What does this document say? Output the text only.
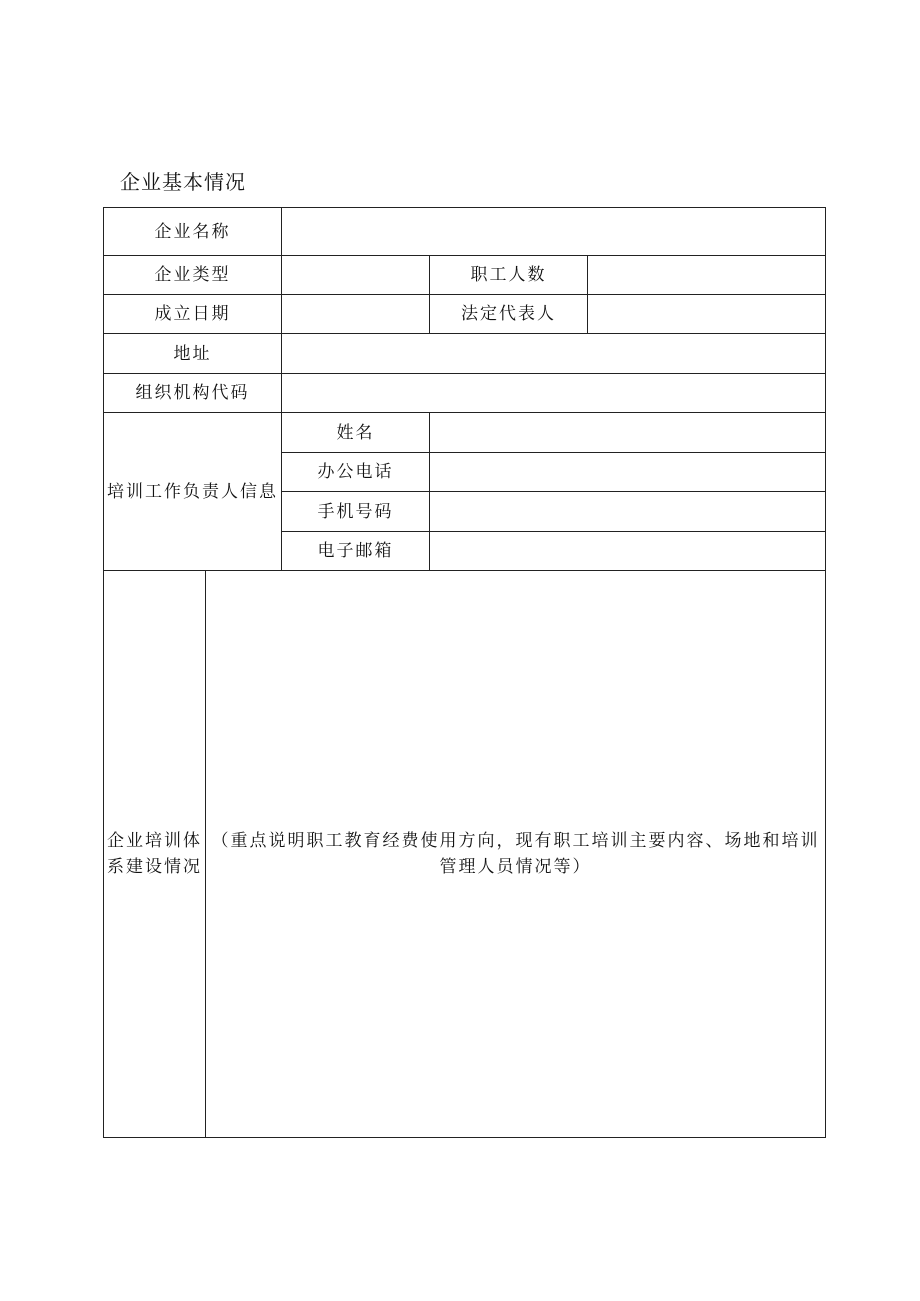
企业基本情况
企业名称				
企业类型			职工人数	
成立日期			法定代表人	
地址				
组织机构代码				
培训工作负责人信息		姓名		
		办公电话		
		手机号码		
		电子邮箱		
企业培训体系建设情况	（重点说明职工教育经费使用方向，现有职工培训主要内容、场地和培训管理人员情况等）			
